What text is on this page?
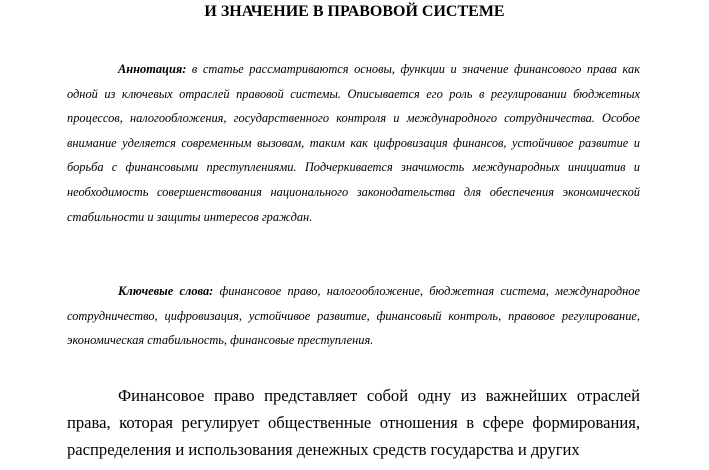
И ЗНАЧЕНИЕ В ПРАВОВОЙ СИСТЕМЕ

Аннотация: в статье рассматриваются основы, функции и значение финансового права как одной из ключевых отраслей правовой системы. Описывается его роль в регулировании бюджетных процессов, налогообложения, государственного контроля и международного сотрудничества. Особое внимание уделяется современным вызовам, таким как цифровизация финансов, устойчивое развитие и борьба с финансовыми преступлениями. Подчеркивается значимость международных инициатив и необходимость совершенствования национального законодательства для обеспечения экономической стабильности и защиты интересов граждан.

Ключевые слова: финансовое право, налогообложение, бюджетная система, международное сотрудничество, цифровизация, устойчивое развитие, финансовый контроль, правовое регулирование, экономическая стабильность, финансовые преступления.

Финансовое право представляет собой одну из важнейших отраслей права, которая регулирует общественные отношения в сфере формирования, распределения и использования денежных средств государства и других
